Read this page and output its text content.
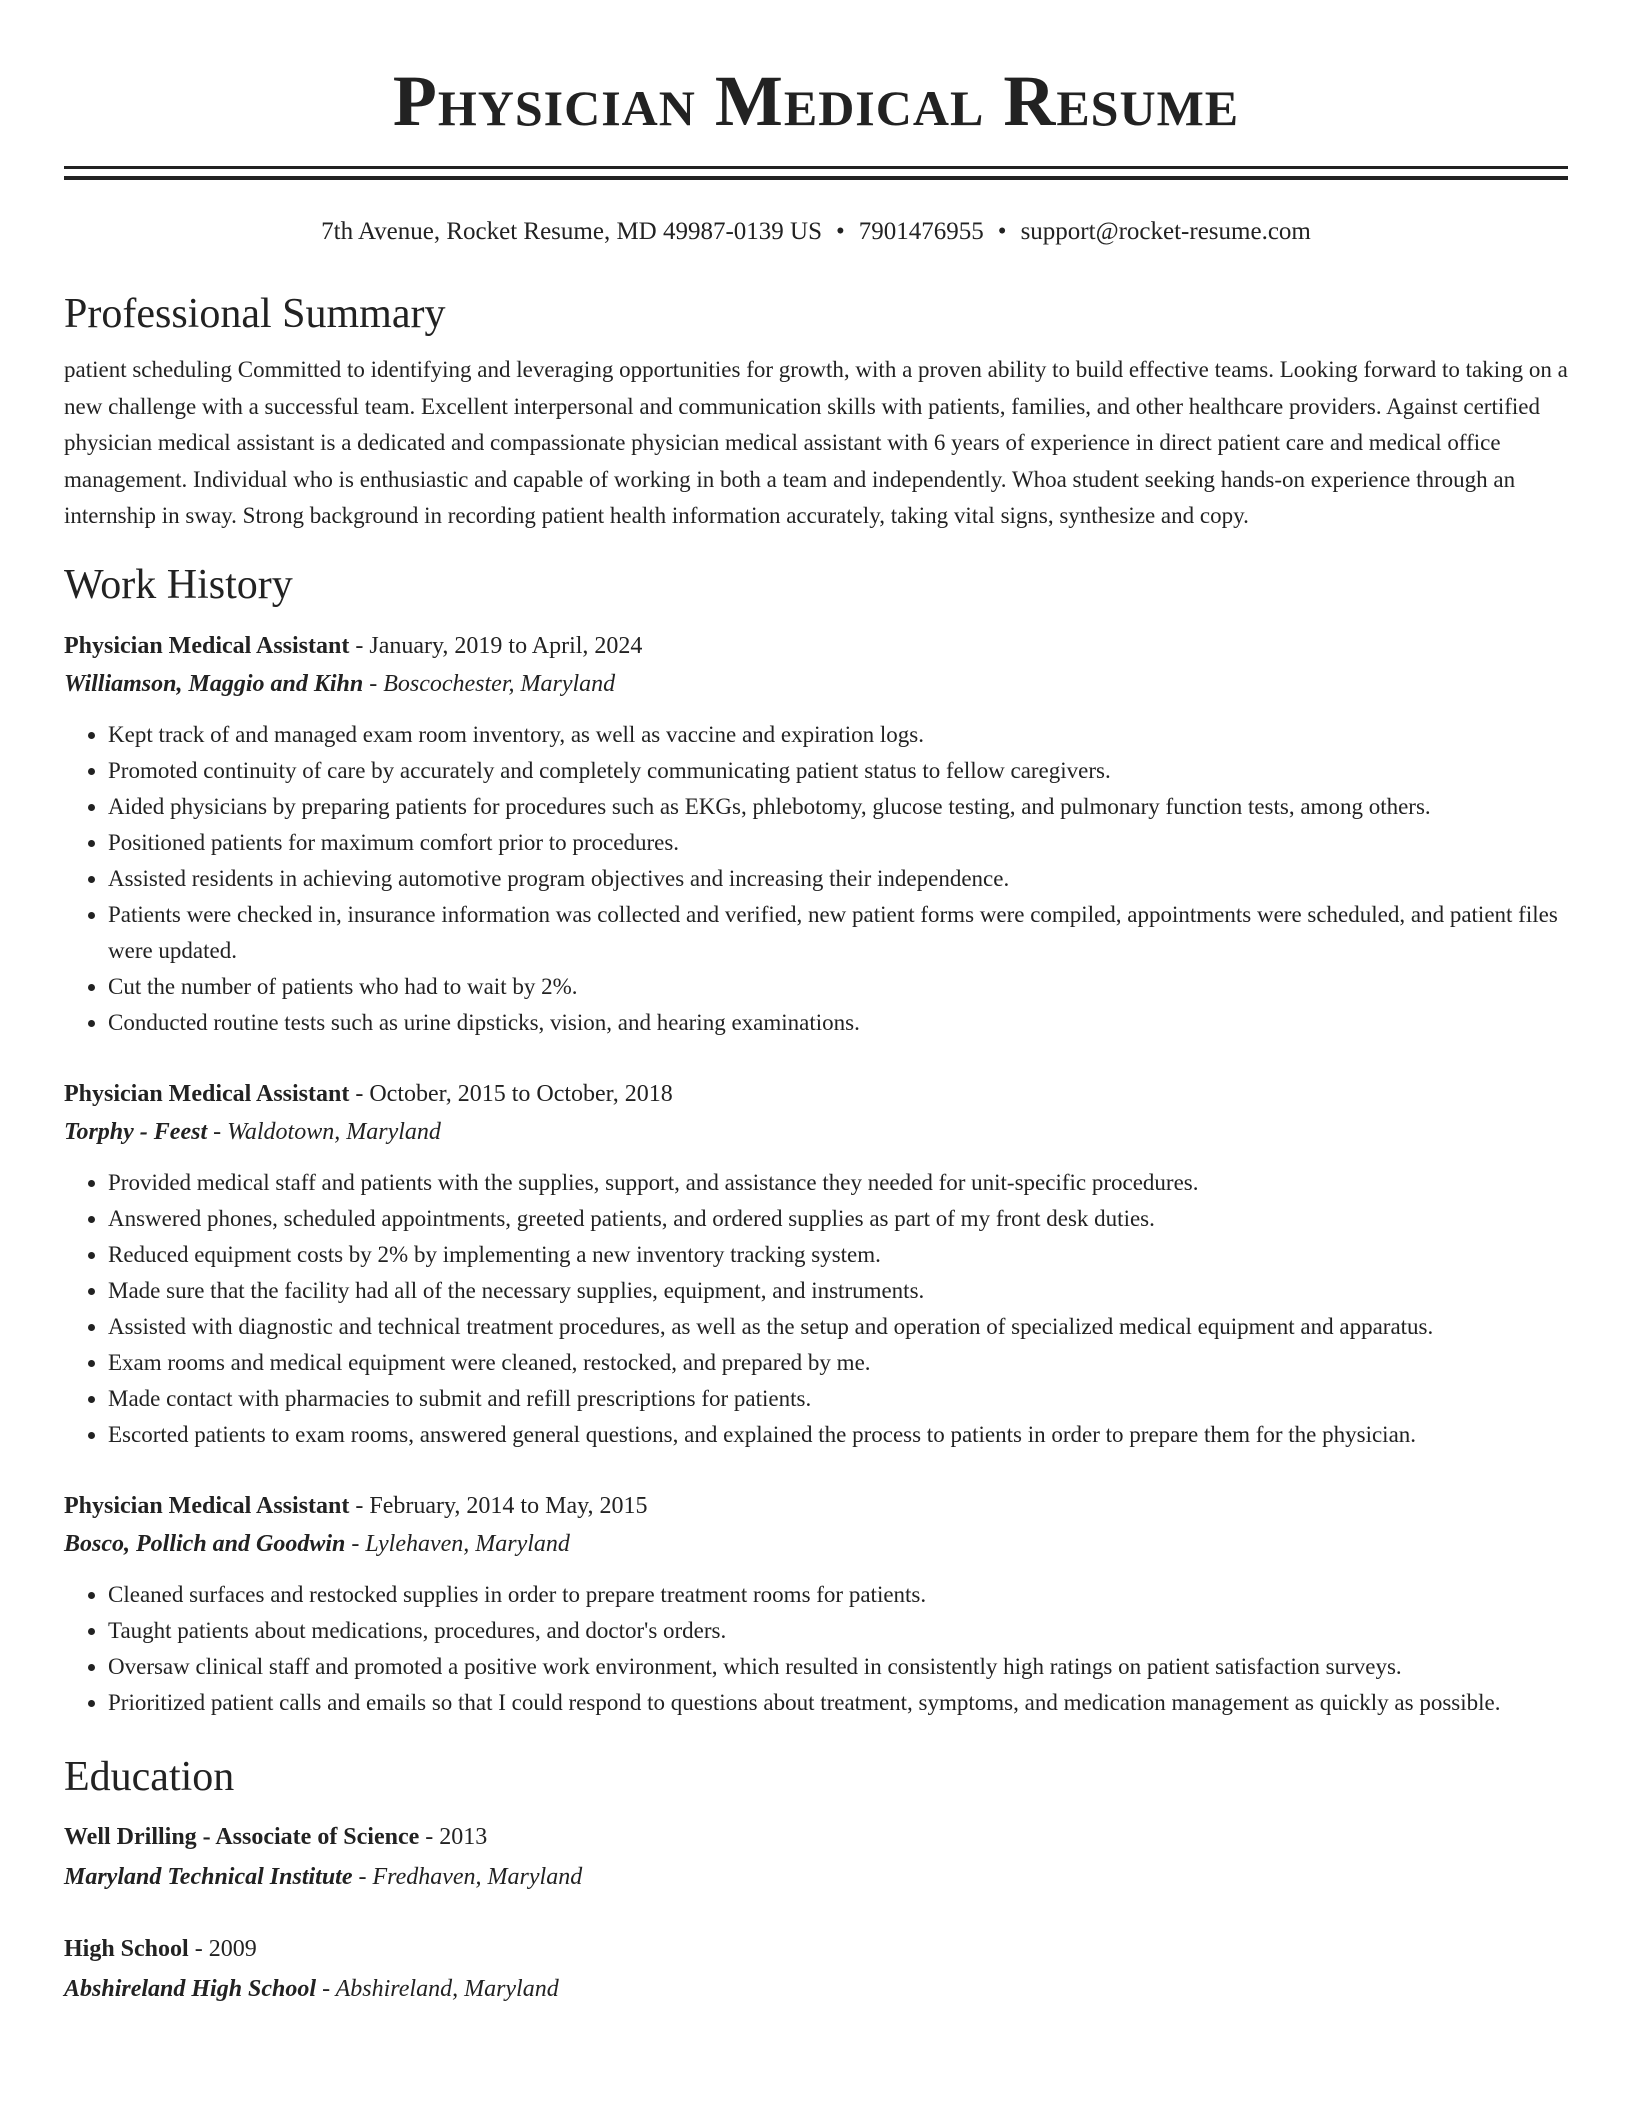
Physician Medical Resume
7th Avenue, Rocket Resume, MD 49987-0139 US • 7901476955 • support@rocket-resume.com
Professional Summary

patient scheduling Committed to identifying and leveraging opportunities for growth, with a proven ability to build effective teams. Looking forward to taking on a new challenge with a successful team. Excellent interpersonal and communication skills with patients, families, and other healthcare providers. Against certified physician medical assistant is a dedicated and compassionate physician medical assistant with 6 years of experience in direct patient care and medical office management. Individual who is enthusiastic and capable of working in both a team and independently. Whoa student seeking hands-on experience through an internship in sway. Strong background in recording patient health information accurately, taking vital signs, synthesize and copy.

Work History
Physician Medical Assistant - January, 2019 to April, 2024
Williamson, Maggio and Kihn - Boscochester, Maryland
• Kept track of and managed exam room inventory, as well as vaccine and expiration logs.
• Promoted continuity of care by accurately and completely communicating patient status to fellow caregivers.
• Aided physicians by preparing patients for procedures such as EKGs, phlebotomy, glucose testing, and pulmonary function tests, among others.
• Positioned patients for maximum comfort prior to procedures.
• Assisted residents in achieving automotive program objectives and increasing their independence.
• Patients were checked in, insurance information was collected and verified, new patient forms were compiled, appointments were scheduled, and patient files were updated.
• Cut the number of patients who had to wait by 2%.
• Conducted routine tests such as urine dipsticks, vision, and hearing examinations.
Physician Medical Assistant - October, 2015 to October, 2018
Torphy - Feest - Waldotown, Maryland
• Provided medical staff and patients with the supplies, support, and assistance they needed for unit-specific procedures.
• Answered phones, scheduled appointments, greeted patients, and ordered supplies as part of my front desk duties.
• Reduced equipment costs by 2% by implementing a new inventory tracking system.
• Made sure that the facility had all of the necessary supplies, equipment, and instruments.
• Assisted with diagnostic and technical treatment procedures, as well as the setup and operation of specialized medical equipment and apparatus.
• Exam rooms and medical equipment were cleaned, restocked, and prepared by me.
• Made contact with pharmacies to submit and refill prescriptions for patients.
• Escorted patients to exam rooms, answered general questions, and explained the process to patients in order to prepare them for the physician.
Physician Medical Assistant - February, 2014 to May, 2015
Bosco, Pollich and Goodwin - Lylehaven, Maryland
• Cleaned surfaces and restocked supplies in order to prepare treatment rooms for patients.
• Taught patients about medications, procedures, and doctor's orders.
• Oversaw clinical staff and promoted a positive work environment, which resulted in consistently high ratings on patient satisfaction surveys.
• Prioritized patient calls and emails so that I could respond to questions about treatment, symptoms, and medication management as quickly as possible.
Education
Well Drilling - Associate of Science - 2013
Maryland Technical Institute - Fredhaven, Maryland
High School - 2009
Abshireland High School - Abshireland, Maryland
